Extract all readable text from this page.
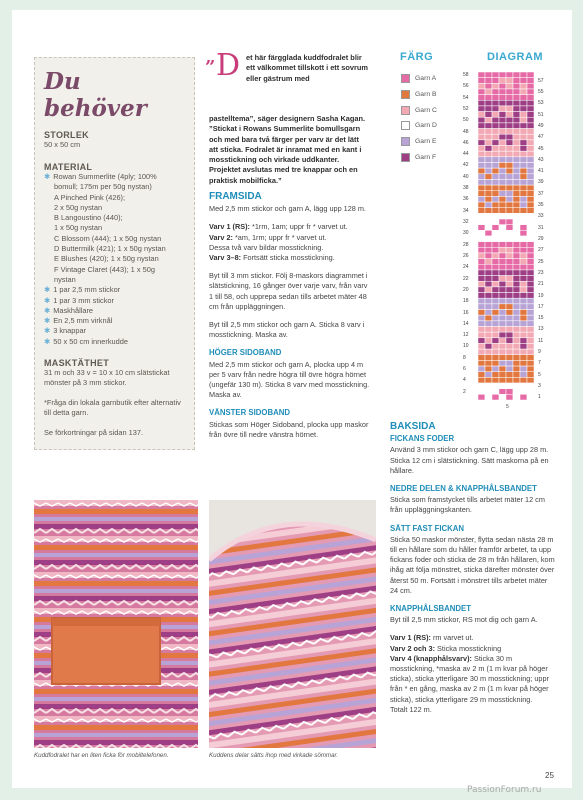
Du behöver
STORLEK
50 x 50 cm
MATERIAL
✱ Rowan Summerlite (4ply; 100%
bomull; 175m per 50g nystan)
A Pinched Pink (426);
2 x 50g nystan
B Langoustino (440);
1 x 50g nystan
C Blossom (444); 1 x 50g nystan
D Buttermilk (421); 1 x 50g nystan
E Blushes (420); 1 x 50g nystan
F Vintage Claret (443); 1 x 50g
nystan
✱ 1 par 2,5 mm stickor
✱ 1 par 3 mm stickor
✱ Maskhållare
✱ En 2,5 mm virknål
✱ 3 knappar
✱ 50 x 50 cm innerkudde
MASKTÄTHET
31 m och 33 v = 10 x 10 cm slätstickat mönster på 3 mm stickor.
*Fråga din lokala garnbutik efter alternativ till detta garn.
Se förkortningar på sidan 137.
” D et här färgglada kuddfodralet blir ett välkommet tillskott i ett sovrum eller gästrum med
pastelltema”, säger designern Sasha Kagan. ”Stickat i Rowans Summerlite bomullsgarn och med bara två färger per varv är det lätt att sticka. Fodralet är inramat med en kant i mosstickning och virkade uddkanter. Projektet avslutas med tre knappar och en praktisk mobilficka.”
FRAMSIDA

Med 2,5 mm stickor och garn A, lägg upp 128 m.

Varv 1 (RS): *1rm, 1am; uppr fr * varvet ut.
Varv 2: *am, 1rm; uppr fr * varvet ut.
Dessa två varv bildar mosstickning.

Varv 3–8: Fortsätt sticka mosstickning.

Byt till 3 mm stickor. Följ 8-maskors diagrammet i slätstickning, 16 gånger över varje varv, från varv 1 till 58, och upprepa sedan tills arbetet mäter 48 cm från uppläggningen.

Byt till 2,5 mm stickor och garn A. Sticka 8 varv i mosstickning. Maska av.

HÖGER SIDOBAND

Med 2,5 mm stickor och garn A, plocka upp 4 m per 5 varv från nedre högra till övre högra hörnet (ungefär 130 m). Sticka 8 varv med mosstickning. Maska av.

VÄNSTER SIDOBAND

Stickas som Höger Sidoband, plocka upp maskor från övre till nedre vänstra hörnet.

FÄRG
Garn A
Garn B
Garn C
Garn D
Garn E
Garn F
DIAGRAM
58
56
54
52
50
48
46
44
42
40
38
36
34
32
30
28
26
24
22
20
18
16
14
12
10
8
6
4
2
57
55
53
51
49
47
45
43
41
39
37
35
33
31
29
27
25
23
21
19
17
15
13
11
9
7
5
3
1
5
BAKSIDA
FICKANS FODER

Använd 3 mm stickor och garn C, lägg upp 28 m. Sticka 12 cm i slätstickning. Sätt maskorna på en hållare.

NEDRE DELEN & KNAPPHÅLSBANDET

Sticka som framstycket tills arbetet mäter 12 cm från uppläggningskanten.

SÄTT FAST FICKAN

Sticka 50 maskor mönster, flytta sedan nästa 28 m till en hållare som du håller framför arbetet, ta upp fickans foder och sticka de 28 m från hållaren, kom ihåg att följa mönstret, sticka därefter mönster över återst 50 m. Fortsätt i mönstret tills arbetet mäter 24 cm.

KNAPPHÅLSBANDET
Byt till 2,5 mm stickor, RS mot dig och garn A.
Varv 1 (RS): rm varvet ut.
Varv 2 och 3: Sticka mosstickning
Varv 4 (knapphålsvarv): Sticka 30 m mosstickning, *maska av 2 m (1 m kvar på höger sticka), sticka ytterligare 30 m mosstickning; uppr från * en gång, maska av 2 m (1 m kvar på höger sticka), sticka ytterligare 29 m mosstickning.
Totalt 122 m.
Kuddfodralet har en liten ficka för mobiltelefonen.	Kuddens delar sätts ihop med virkade sömmar.
25
PassionForum.ru
